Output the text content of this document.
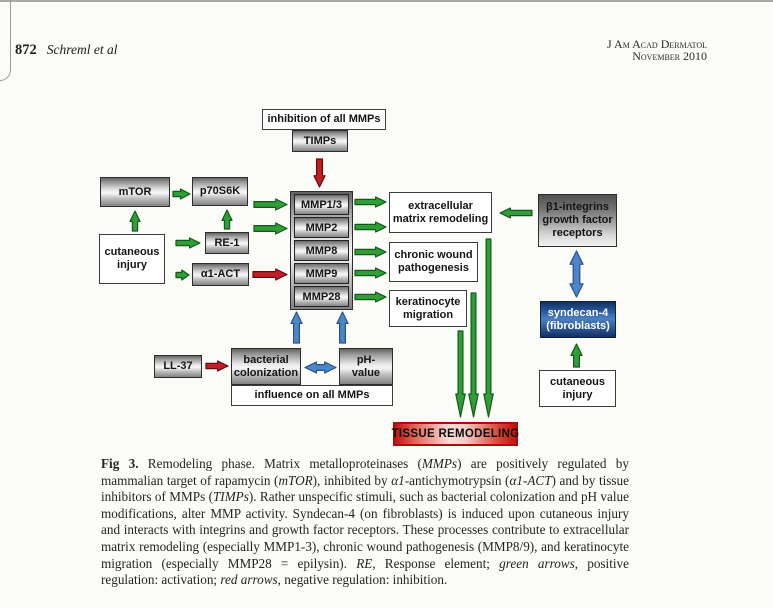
872 Schreml et al	J Am Acad Dermatol
November 2010
inhibition of all MMPs
TIMPs
mTOR	p70S6K
cutaneous
injury
RE-1
α1-ACT
MMP1/3
MMP2
MMP8
MMP9
MMP28
extracellular
matrix remodeling
chronic wound
pathogenesis
keratinocyte
migration
β1-integrins
growth factor
receptors
syndecan-4
(fibroblasts)
cutaneous
injury
LL-37
bacterial
colonization
pH-
value
influence on all MMPs
TISSUE REMODELING
Fig 3. Remodeling phase. Matrix metalloproteinases (MMPs) are positively regulated by mammalian target of rapamycin (mTOR), inhibited by α1-antichymotrypsin (α1-ACT) and by tissue inhibitors of MMPs (TIMPs). Rather unspecific stimuli, such as bacterial colonization and pH value modifications, alter MMP activity. Syndecan-4 (on fibroblasts) is induced upon cutaneous injury and interacts with integrins and growth factor receptors. These processes contribute to extracellular matrix remodeling (especially MMP1-3), chronic wound pathogenesis (MMP8/9), and keratinocyte migration (especially MMP28 = epilysin). RE, Response element; green arrows, positive regulation: activation; red arrows, negative regulation: inhibition.
